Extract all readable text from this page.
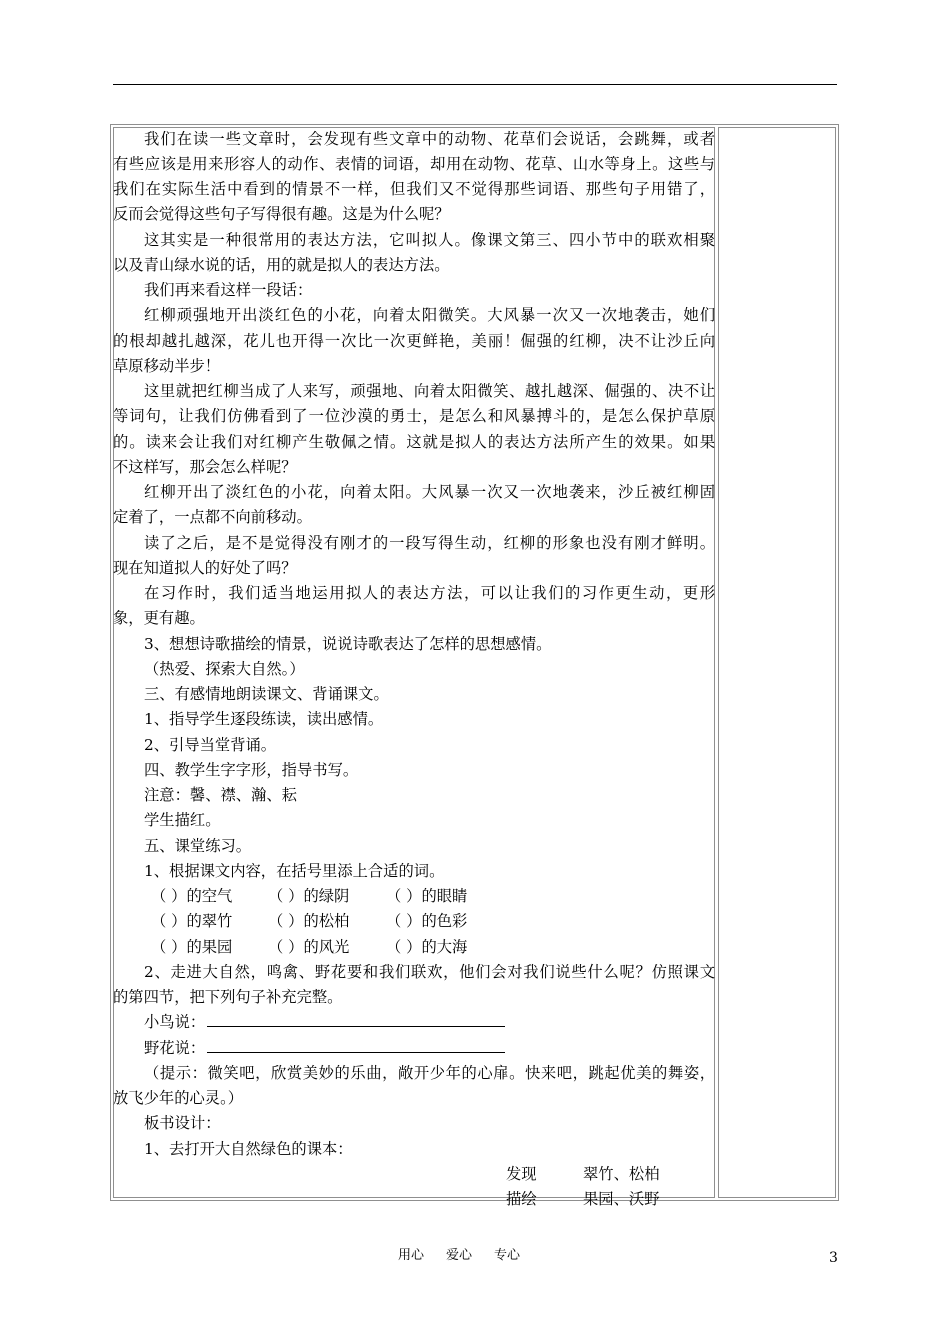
我们在读一些文章时，会发现有些文章中的动物、花草们会说话，会跳舞，或者
有些应该是用来形容人的动作、表情的词语，却用在动物、花草、山水等身上。这些与
我们在实际生活中看到的情景不一样，但我们又不觉得那些词语、那些句子用错了，
反而会觉得这些句子写得很有趣。这是为什么呢？
这其实是一种很常用的表达方法，它叫拟人。像课文第三、四小节中的联欢相聚
以及青山绿水说的话，用的就是拟人的表达方法。
我们再来看这样一段话：
红柳顽强地开出淡红色的小花，向着太阳微笑。大风暴一次又一次地袭击，她们
的根却越扎越深，花儿也开得一次比一次更鲜艳，美丽！倔强的红柳，决不让沙丘向
草原移动半步！
这里就把红柳当成了人来写，顽强地、向着太阳微笑、越扎越深、倔强的、决不让
等词句，让我们仿佛看到了一位沙漠的勇士，是怎么和风暴搏斗的，是怎么保护草原
的。读来会让我们对红柳产生敬佩之情。这就是拟人的表达方法所产生的效果。如果
不这样写，那会怎么样呢？
红柳开出了淡红色的小花，向着太阳。大风暴一次又一次地袭来，沙丘被红柳固
定着了，一点都不向前移动。
读了之后，是不是觉得没有刚才的一段写得生动，红柳的形象也没有刚才鲜明。
现在知道拟人的好处了吗？
在习作时，我们适当地运用拟人的表达方法，可以让我们的习作更生动，更形
象，更有趣。
3、想想诗歌描绘的情景，说说诗歌表达了怎样的思想感情。
（热爱、探索大自然。）
三、有感情地朗读课文、背诵课文。
1、指导学生逐段练读，读出感情。
2、引导当堂背诵。
四、教学生字字形，指导书写。
注意：馨、襟、瀚、耘
学生描红。
五、课堂练习。
1、根据课文内容，在括号里添上合适的词。
（ ）的空气 （ ）的绿阴 （ ）的眼睛
（ ）的翠竹 （ ）的松柏 （ ）的色彩
（ ）的果园 （ ）的风光 （ ）的大海
2、走进大自然，鸣禽、野花要和我们联欢，他们会对我们说些什么呢？仿照课文
的第四节，把下列句子补充完整。
小鸟说：
野花说：
（提示：微笑吧，欣赏美妙的乐曲，敞开少年的心扉。快来吧，跳起优美的舞姿，
放飞少年的心灵。）
板书设计：
1、去打开大自然绿色的课本：
发现	翠竹、松柏
描绘	果园、沃野
用心 爱心 专心	3
